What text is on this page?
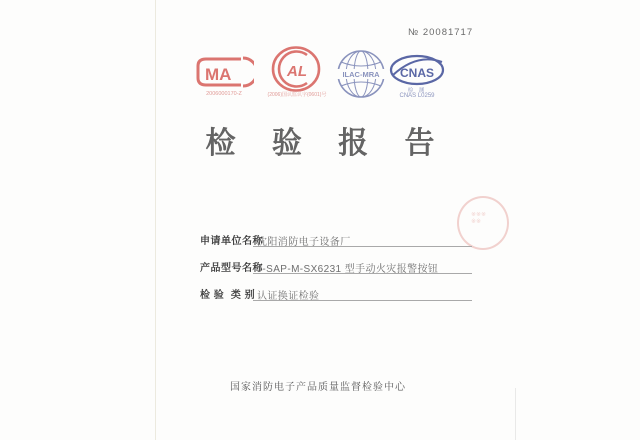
№ 20081717
MA
2006000170-Z
AL
(2006)国认监认字(0601)号
ILAC-MRA CNAS
检 测
CNAS L0259
检 验 报 告
※※※
※※
申请单位名称
沈阳消防电子设备厂
产品型号名称
J-SAP-M-SX6231 型手动火灾报警按钮
检 验  类 别 认证换证检验
国家消防电子产品质量监督检验中心
